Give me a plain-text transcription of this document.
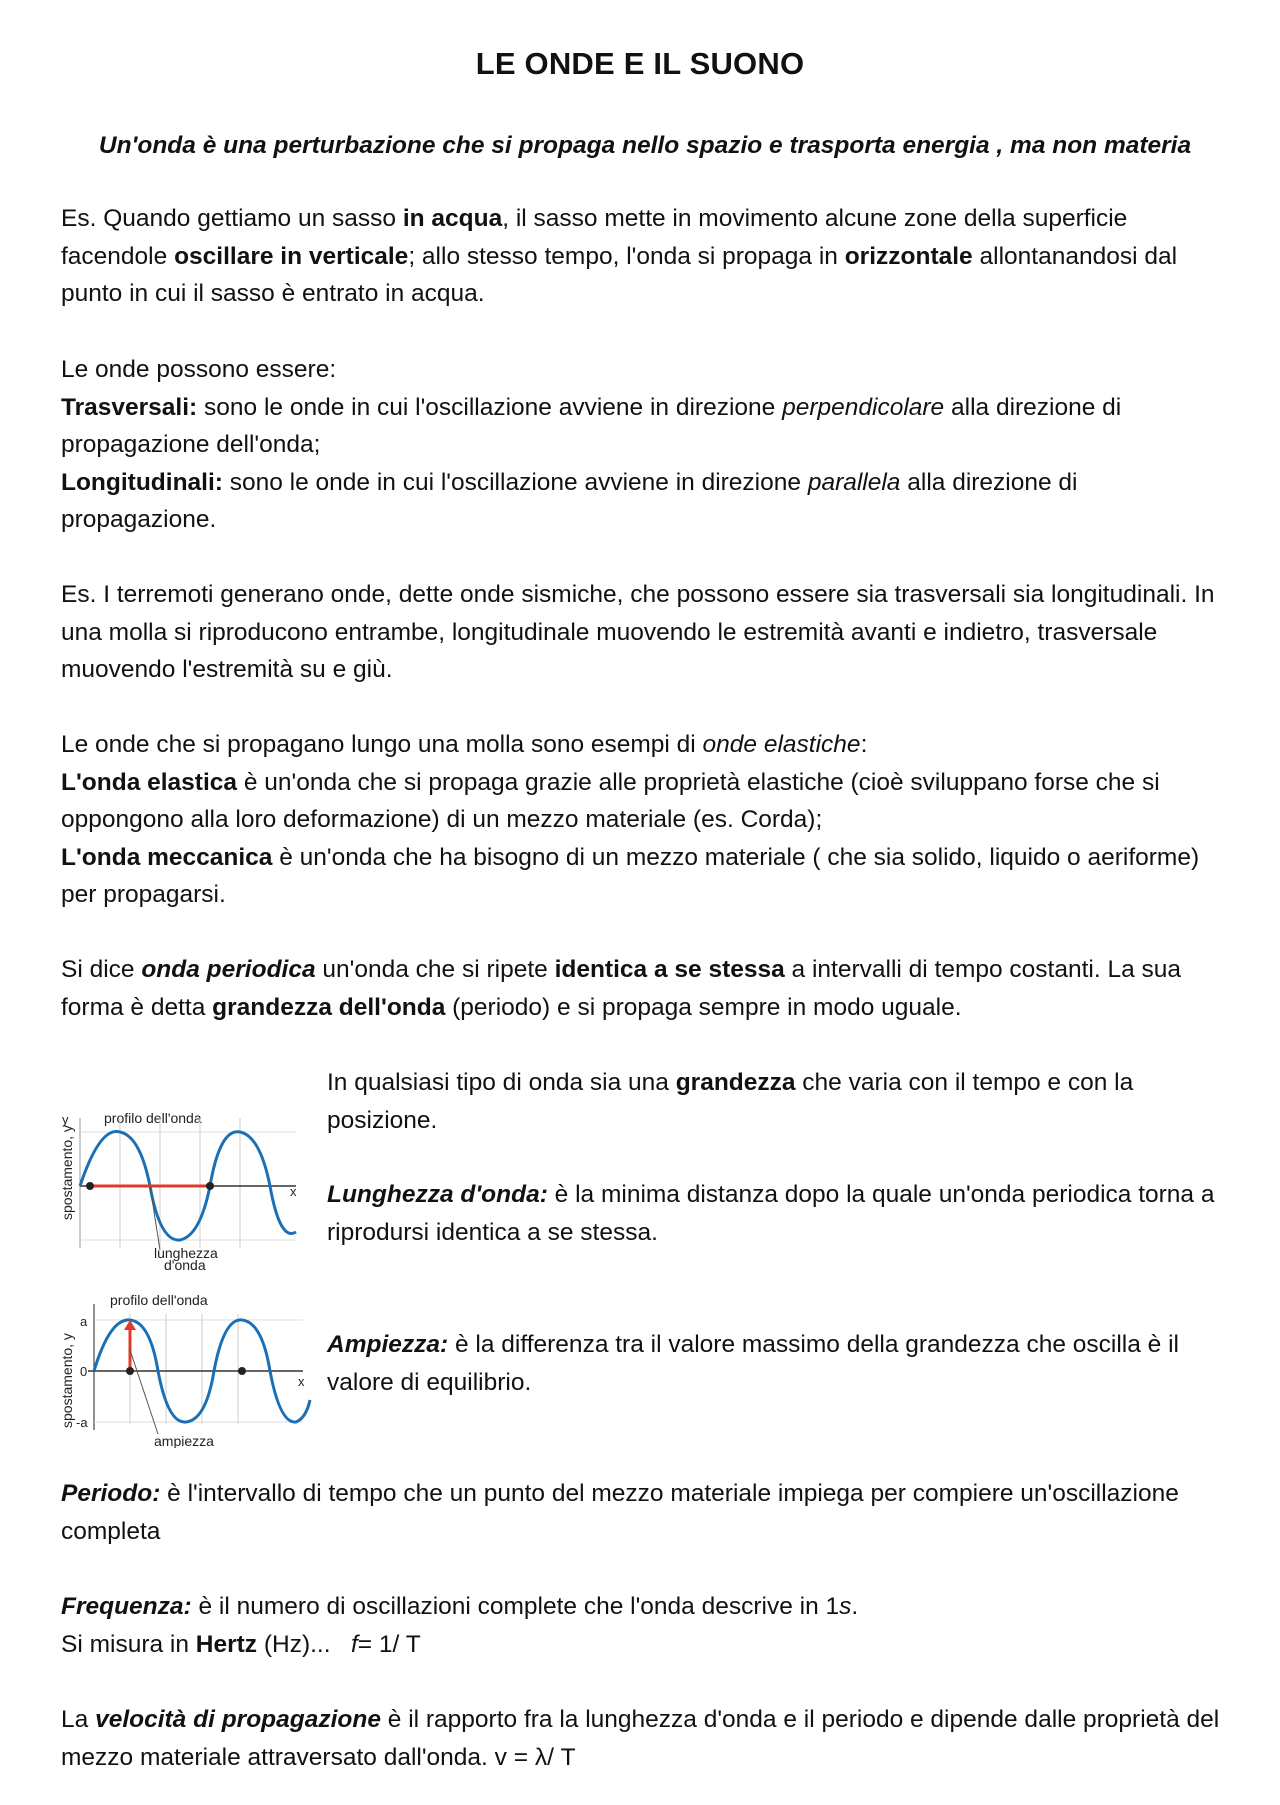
LE ONDE E IL SUONO
Un'onda è una perturbazione che si propaga nello spazio e trasporta energia , ma non materia

Es. Quando gettiamo un sasso in acqua, il sasso mette in movimento alcune zone della superficie facendole oscillare in verticale; allo stesso tempo, l'onda si propaga in orizzontale allontanandosi dal punto in cui il sasso è entrato in acqua.

Le onde possono essere:

Trasversali: sono le onde in cui l'oscillazione avviene in direzione perpendicolare alla direzione di propagazione dell'onda;

Longitudinali: sono le onde in cui l'oscillazione avviene in direzione parallela alla direzione di propagazione.

Es. I terremoti generano onde, dette onde sismiche, che possono essere sia trasversali sia longitudinali. In una molla si riproducono entrambe, longitudinale muovendo le estremità avanti e indietro, trasversale muovendo l'estremità su e giù.

Le onde che si propagano lungo una molla sono esempi di onde elastiche:

L'onda elastica è un'onda che si propaga grazie alle proprietà elastiche (cioè sviluppano forse che si oppongono alla loro deformazione) di un mezzo materiale (es. Corda);

L'onda meccanica è un'onda che ha bisogno di un mezzo materiale ( che sia solido, liquido o aeriforme) per propagarsi.

Si dice onda periodica un'onda che si ripete identica a se stessa a intervalli di tempo costanti. La sua forma è detta grandezza dell'onda (periodo) e si propaga sempre in modo uguale.

In qualsiasi tipo di onda sia una grandezza che varia con il tempo e con la posizione.

Lunghezza d'onda: è la minima distanza dopo la quale un'onda periodica torna a riprodursi identica a se stessa.

Ampiezza: è la differenza tra il valore massimo della grandezza che oscilla è il valore di equilibrio.

profilo dell'onda
spostamento, y	x
y
lunghezza
d'onda
profilo dell'onda
spostamento, y
a
0
-a
x
ampiezza

Periodo: è l'intervallo di tempo che un punto del mezzo materiale impiega per compiere un'oscillazione completa

Frequenza: è il numero di oscillazioni complete che l'onda descrive in 1s.

Si misura in Hertz (Hz)... f= 1/ T

La velocità di propagazione è il rapporto fra la lunghezza d'onda e il periodo e dipende dalle proprietà del mezzo materiale attraversato dall'onda. v = λ/ T
